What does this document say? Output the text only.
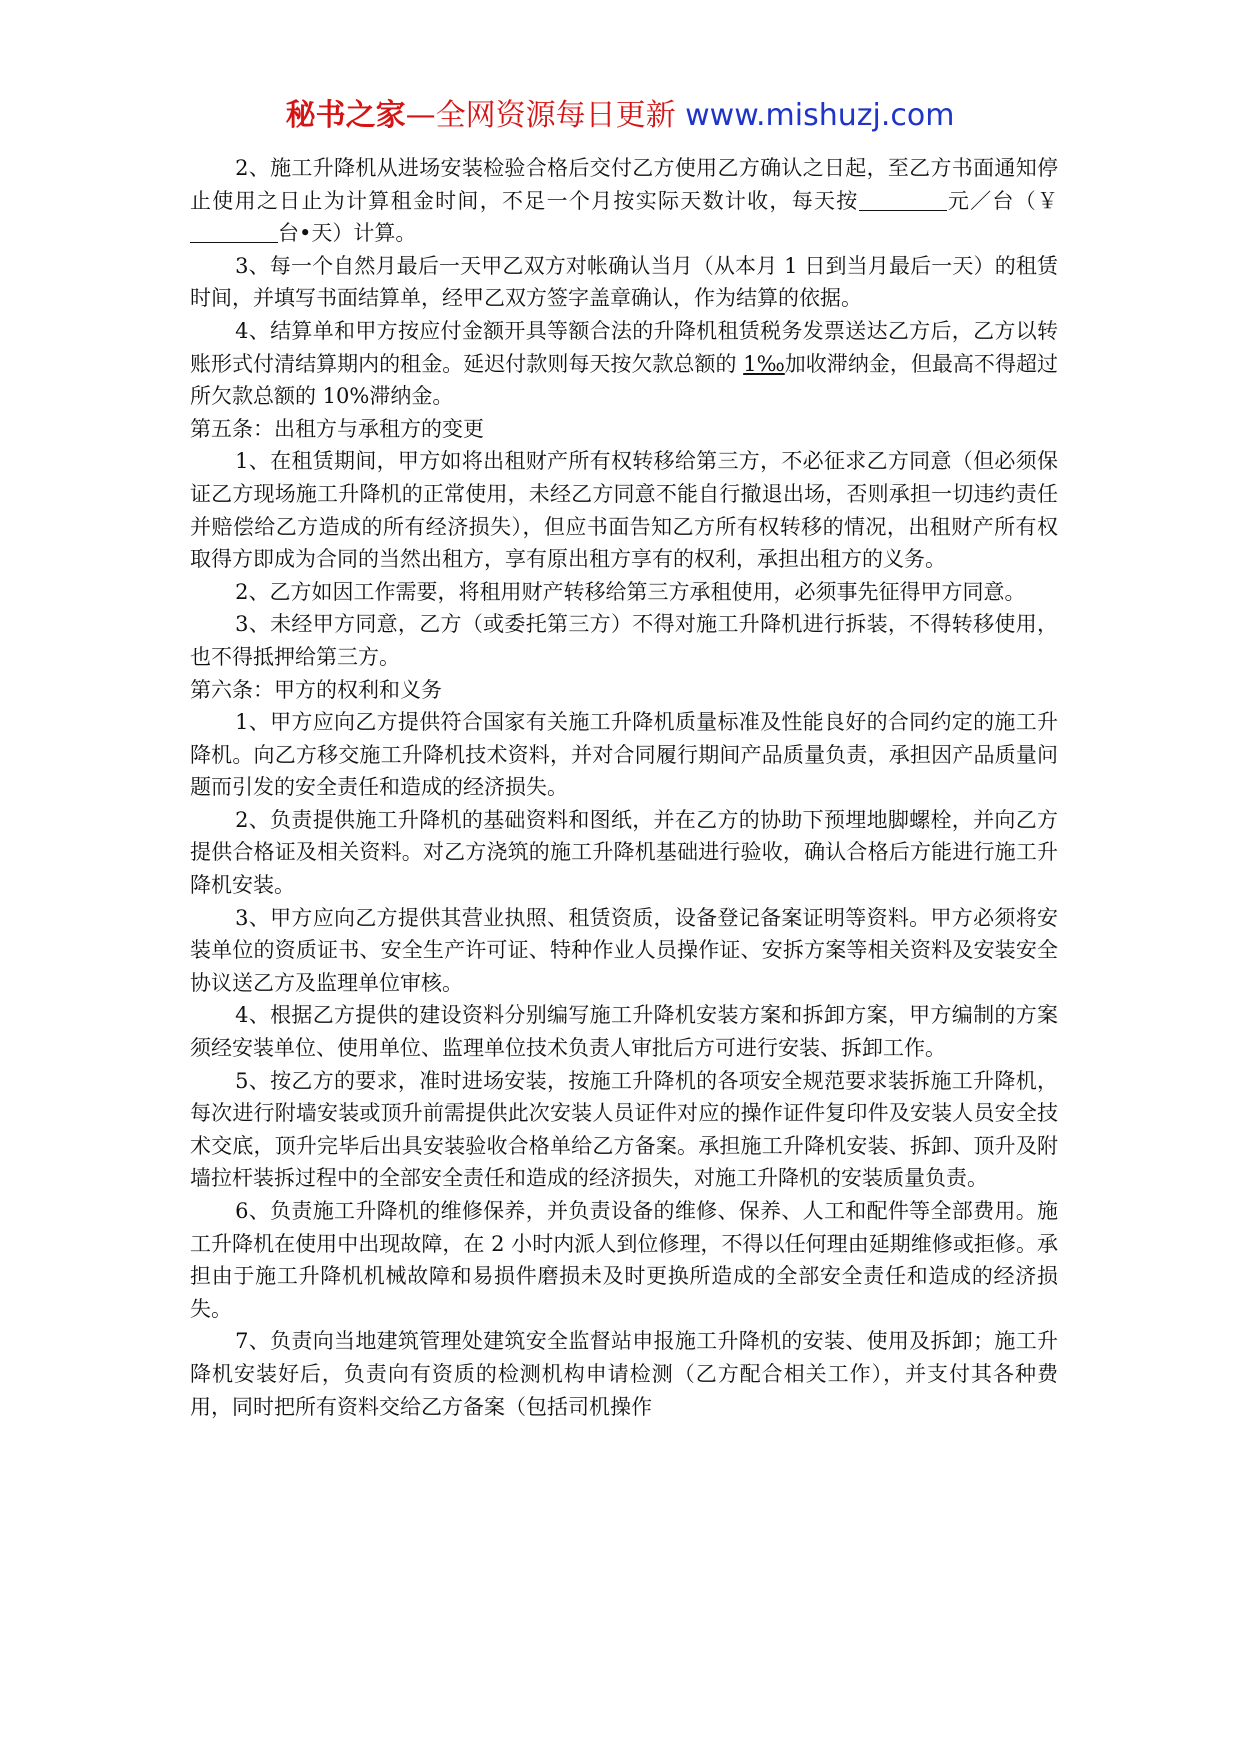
秘书之家—全网资源每日更新 www.mishuzj.com

2、施工升降机从进场安装检验合格后交付乙方使用乙方确认之日起，至乙方书面通知停止使用之日止为计算租金时间，不足一个月按实际天数计收，每天按	元／台（￥台•天）计算。

3、每一个自然月最后一天甲乙双方对帐确认当月（从本月 1 日到当月最后一天）的租赁时间，并填写书面结算单，经甲乙双方签字盖章确认，作为结算的依据。

4、结算单和甲方按应付金额开具等额合法的升降机租赁税务发票送达乙方后，乙方以转账形式付清结算期内的租金。延迟付款则每天按欠款总额的 1‰加收滞纳金，但最高不得超过所欠款总额的 10%滞纳金。

第五条：出租方与承租方的变更

1、在租赁期间，甲方如将出租财产所有权转移给第三方，不必征求乙方同意（但必须保证乙方现场施工升降机的正常使用，未经乙方同意不能自行撤退出场，否则承担一切违约责任并赔偿给乙方造成的所有经济损失），但应书面告知乙方所有权转移的情况，出租财产所有权取得方即成为合同的当然出租方，享有原出租方享有的权利，承担出租方的义务。

2、乙方如因工作需要，将租用财产转移给第三方承租使用，必须事先征得甲方同意。

3、未经甲方同意，乙方（或委托第三方）不得对施工升降机进行拆装，不得转移使用，也不得抵押给第三方。

第六条：甲方的权利和义务

1、甲方应向乙方提供符合国家有关施工升降机质量标准及性能良好的合同约定的施工升降机。向乙方移交施工升降机技术资料，并对合同履行期间产品质量负责，承担因产品质量问题而引发的安全责任和造成的经济损失。

2、负责提供施工升降机的基础资料和图纸，并在乙方的协助下预埋地脚螺栓，并向乙方提供合格证及相关资料。对乙方浇筑的施工升降机基础进行验收，确认合格后方能进行施工升降机安装。

3、甲方应向乙方提供其营业执照、租赁资质，设备登记备案证明等资料。甲方必须将安装单位的资质证书、安全生产许可证、特种作业人员操作证、安拆方案等相关资料及安装安全协议送乙方及监理单位审核。

4、根据乙方提供的建设资料分别编写施工升降机安装方案和拆卸方案，甲方编制的方案须经安装单位、使用单位、监理单位技术负责人审批后方可进行安装、拆卸工作。

5、按乙方的要求，准时进场安装，按施工升降机的各项安全规范要求装拆施工升降机，每次进行附墙安装或顶升前需提供此次安装人员证件对应的操作证件复印件及安装人员安全技术交底，顶升完毕后出具安装验收合格单给乙方备案。承担施工升降机安装、拆卸、顶升及附墙拉杆装拆过程中的全部安全责任和造成的经济损失，对施工升降机的安装质量负责。

6、负责施工升降机的维修保养，并负责设备的维修、保养、人工和配件等全部费用。施工升降机在使用中出现故障，在 2 小时内派人到位修理，不得以任何理由延期维修或拒修。承担由于施工升降机机械故障和易损件磨损未及时更换所造成的全部安全责任和造成的经济损失。

7、负责向当地建筑管理处建筑安全监督站申报施工升降机的安装、使用及拆卸；施工升降机安装好后，负责向有资质的检测机构申请检测（乙方配合相关工作），并支付其各种费用，同时把所有资料交给乙方备案（包括司机操作
